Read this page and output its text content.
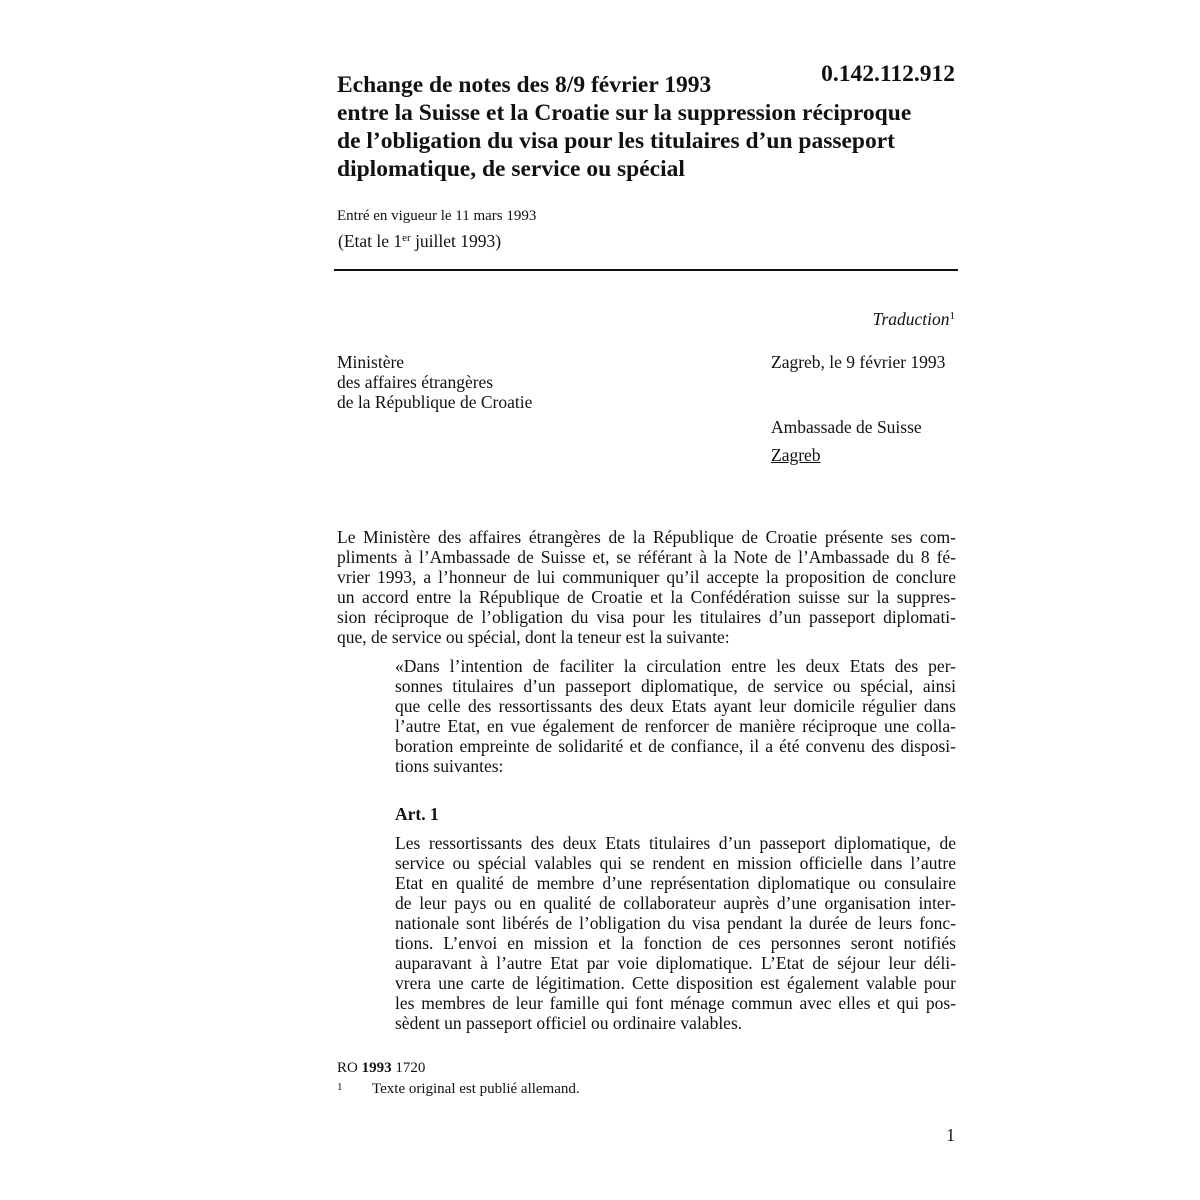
Echange de notes des 8/9 février 1993
entre la Suisse et la Croatie sur la suppression réciproque
de l’obligation du visa pour les titulaires d’un passeport
diplomatique, de service ou spécial
0.142.112.912
Entré en vigueur le 11 mars 1993
(Etat le 1er juillet 1993)
Traduction$^1$
Ministère
des affaires étrangères
de la République de Croatie
Zagreb, le 9 février 1993
Ambassade de Suisse
Zagreb
Le Ministère des affaires étrangères de la République de Croatie présente ses com-
pliments à l’Ambassade de Suisse et, se référant à la Note de l’Ambassade du 8 fé-
vrier 1993, a l’honneur de lui communiquer qu’il accepte la proposition de conclure
un accord entre la République de Croatie et la Confédération suisse sur la suppres-
sion réciproque de l’obligation du visa pour les titulaires d’un passeport diplomati-
que, de service ou spécial, dont la teneur est la suivante:
«Dans l’intention de faciliter la circulation entre les deux Etats des per-
sonnes titulaires d’un passeport diplomatique, de service ou spécial, ainsi
que celle des ressortissants des deux Etats ayant leur domicile régulier dans
l’autre Etat, en vue également de renforcer de manière réciproque une colla-
boration empreinte de solidarité et de confiance, il a été convenu des disposi-
tions suivantes:
Art. 1
Les ressortissants des deux Etats titulaires d’un passeport diplomatique, de
service ou spécial valables qui se rendent en mission officielle dans l’autre
Etat en qualité de membre d’une représentation diplomatique ou consulaire
de leur pays ou en qualité de collaborateur auprès d’une organisation inter-
nationale sont libérés de l’obligation du visa pendant la durée de leurs fonc-
tions. L’envoi en mission et la fonction de ces personnes seront notifiés
auparavant à l’autre Etat par voie diplomatique. L’Etat de séjour leur déli-
vrera une carte de légitimation. Cette disposition est également valable pour
les membres de leur famille qui font ménage commun avec elles et qui pos-
sèdent un passeport officiel ou ordinaire valables.
RO 1993 1720
1 Texte original est publié allemand.
1
